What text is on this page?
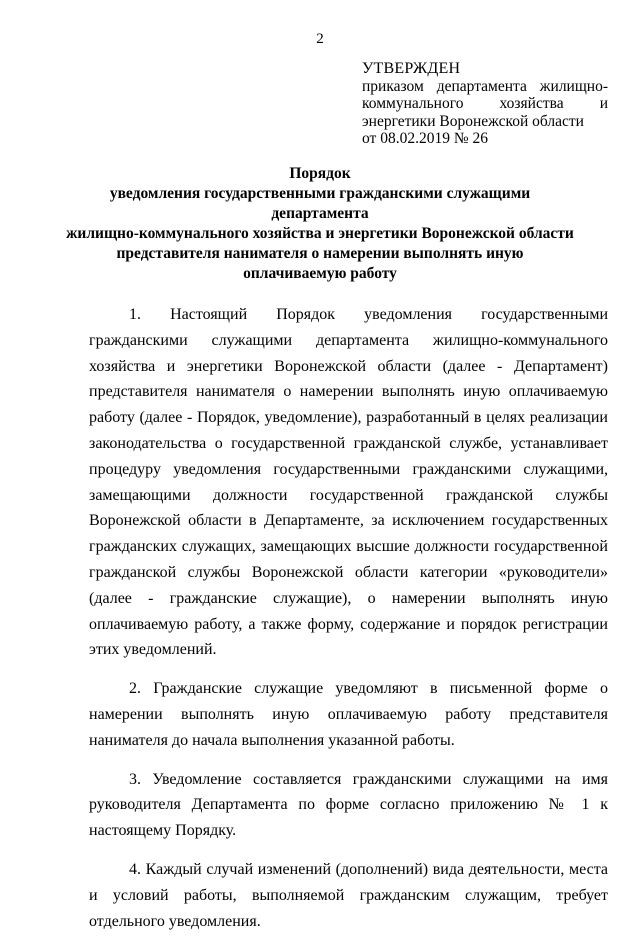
2
УТВЕРЖДЕН
приказом департамента жилищно-
коммунального хозяйства и
энергетики Воронежской области
от 08.02.2019 № 26
Порядок
уведомления государственными гражданскими служащими департамента
жилищно-коммунального хозяйства и энергетики Воронежской области
представителя нанимателя о намерении выполнять иную
оплачиваемую работу

1. Настоящий Порядок уведомления государственными гражданскими служащими департамента жилищно-коммунального хозяйства и энергетики Воронежской области (далее - Департамент) представителя нанимателя о намерении выполнять иную оплачиваемую работу (далее - Порядок, уведомление), разработанный в целях реализации законодательства о государственной гражданской службе, устанавливает процедуру уведомления государственными гражданскими служащими, замещающими должности государственной гражданской службы Воронежской области в Департаменте, за исключением государственных гражданских служащих, замещающих высшие должности государственной гражданской службы Воронежской области категории «руководители» (далее - гражданские служащие), о намерении выполнять иную оплачиваемую работу, а также форму, содержание и порядок регистрации этих уведомлений.

2. Гражданские служащие уведомляют в письменной форме о намерении выполнять иную оплачиваемую работу представителя нанимателя до начала выполнения указанной работы.

3. Уведомление составляется гражданскими служащими на имя руководителя Департамента по форме согласно приложению № 1 к настоящему Порядку.

4. Каждый случай изменений (дополнений) вида деятельности, места и условий работы, выполняемой гражданским служащим, требует отдельного уведомления.
